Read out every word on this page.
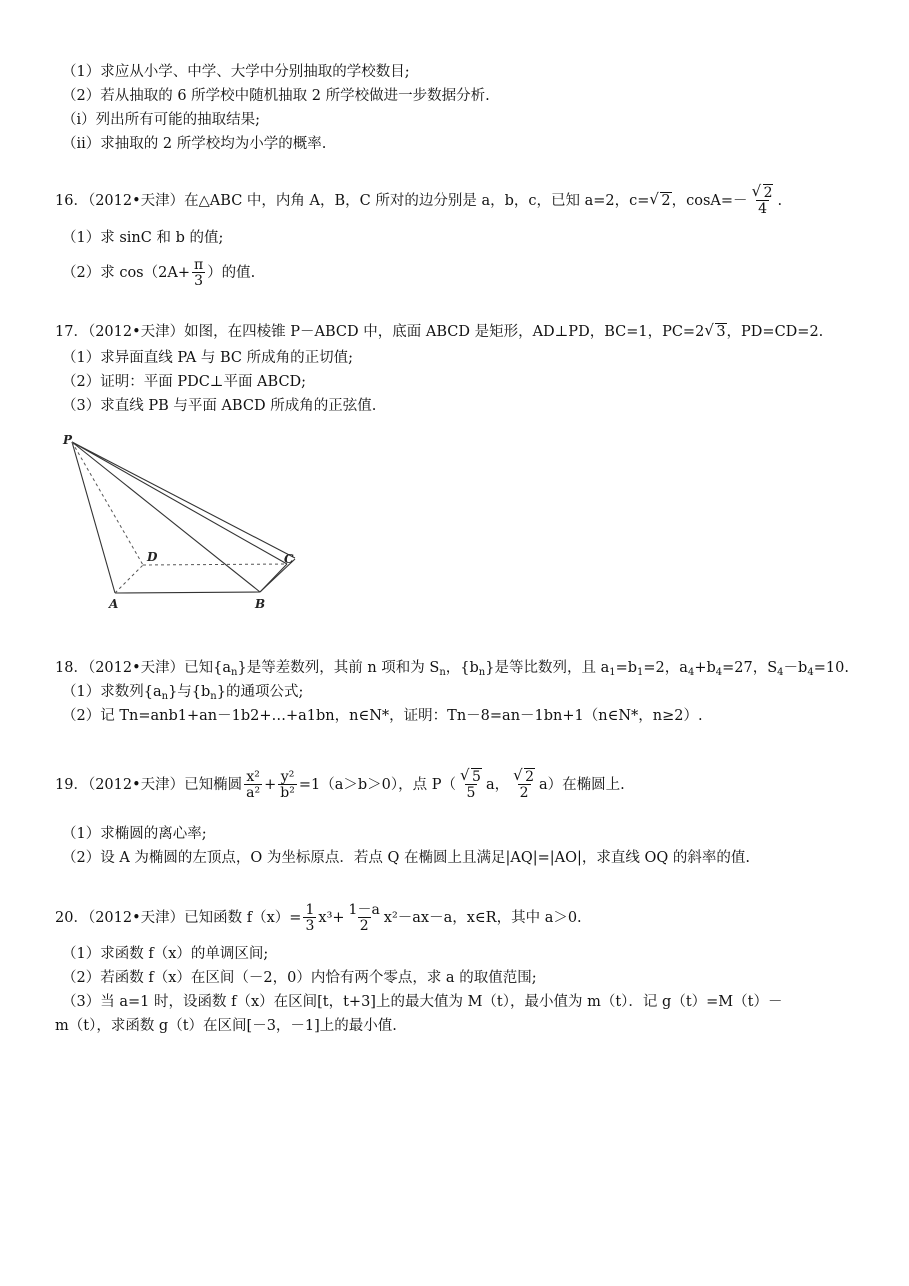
（1）求应从小学、中学、大学中分别抽取的学校数目;
（2）若从抽取的 6 所学校中随机抽取 2 所学校做进一步数据分析.
（i）列出所有可能的抽取结果;
（ii）求抽取的 2 所学校均为小学的概率.
16．（2012•天津）在△ABC 中，内角 A，B，C 所对的边分别是 a，b，c，已知 a=2，c= √ 2，$\cos A=- \frac{√ 2}{4}$ .
（1）求 sinC 和 b 的值;
（2）求 $\cos(2A+ \frac{\pi}{3}$ ）的值.
17．（2012•天津）如图，在四棱锥 P－ABCD 中，底面 ABCD 是矩形，AD⊥PD，BC=1，PC=2 √ 3，PD=CD=2.
（1）求异面直线 PA 与 BC 所成角的正切值;
（2）证明：平面 PDC⊥平面 ABCD;
（3）求直线 PB 与平面 ABCD 所成角的正弦值.
P
D	C
A	B
18．（2012•天津）已知$\{a_n\}$是等差数列，其前 n 项和为 $S_n$，$\{b_n\}$是等比数列，且 $a_1=b_1=2$，$a_4+b_4=27$，$S_4-b_4=10$.
（1）求数列$\{a_n\}$与$\{b_n\}$的通项公式;
（2）记 Tn=anb1+an－1b2+…+a1bn，n∈N*，证明：Tn－8=an－1bn+1（n∈N*，n≥2）.
19．（2012•天津）已知椭圆 $\frac{\text{x²}}{\text{a²}} + \frac{\text{y²}}{\text{b²}} =1(a>b>0)$，点 $P( \frac{√ 5}{5}$ a， $\frac{√ 2}{2} a$）在椭圆上.
（1）求椭圆的离心率;
（2）设 A 为椭圆的左顶点，O 为坐标原点．若点 Q 在椭圆上且满足|AQ|=|AO|，求直线 OQ 的斜率的值.
20．（2012•天津）已知函数 $f(x)= \frac{1}{3} x^3+ \frac{1-a}{2} x^2-ax-a$，x∈R，其中 a＞0.
（1）求函数 f（x）的单调区间;
（2）若函数 f（x）在区间（－2，0）内恰有两个零点，求 a 的取值范围;
（3）当 a=1 时，设函数 f（x）在区间[t，t+3]上的最大值为 M（t），最小值为 m（t）．记 g（t）=M（t）－
m（t），求函数 g（t）在区间[－3，－1]上的最小值.
